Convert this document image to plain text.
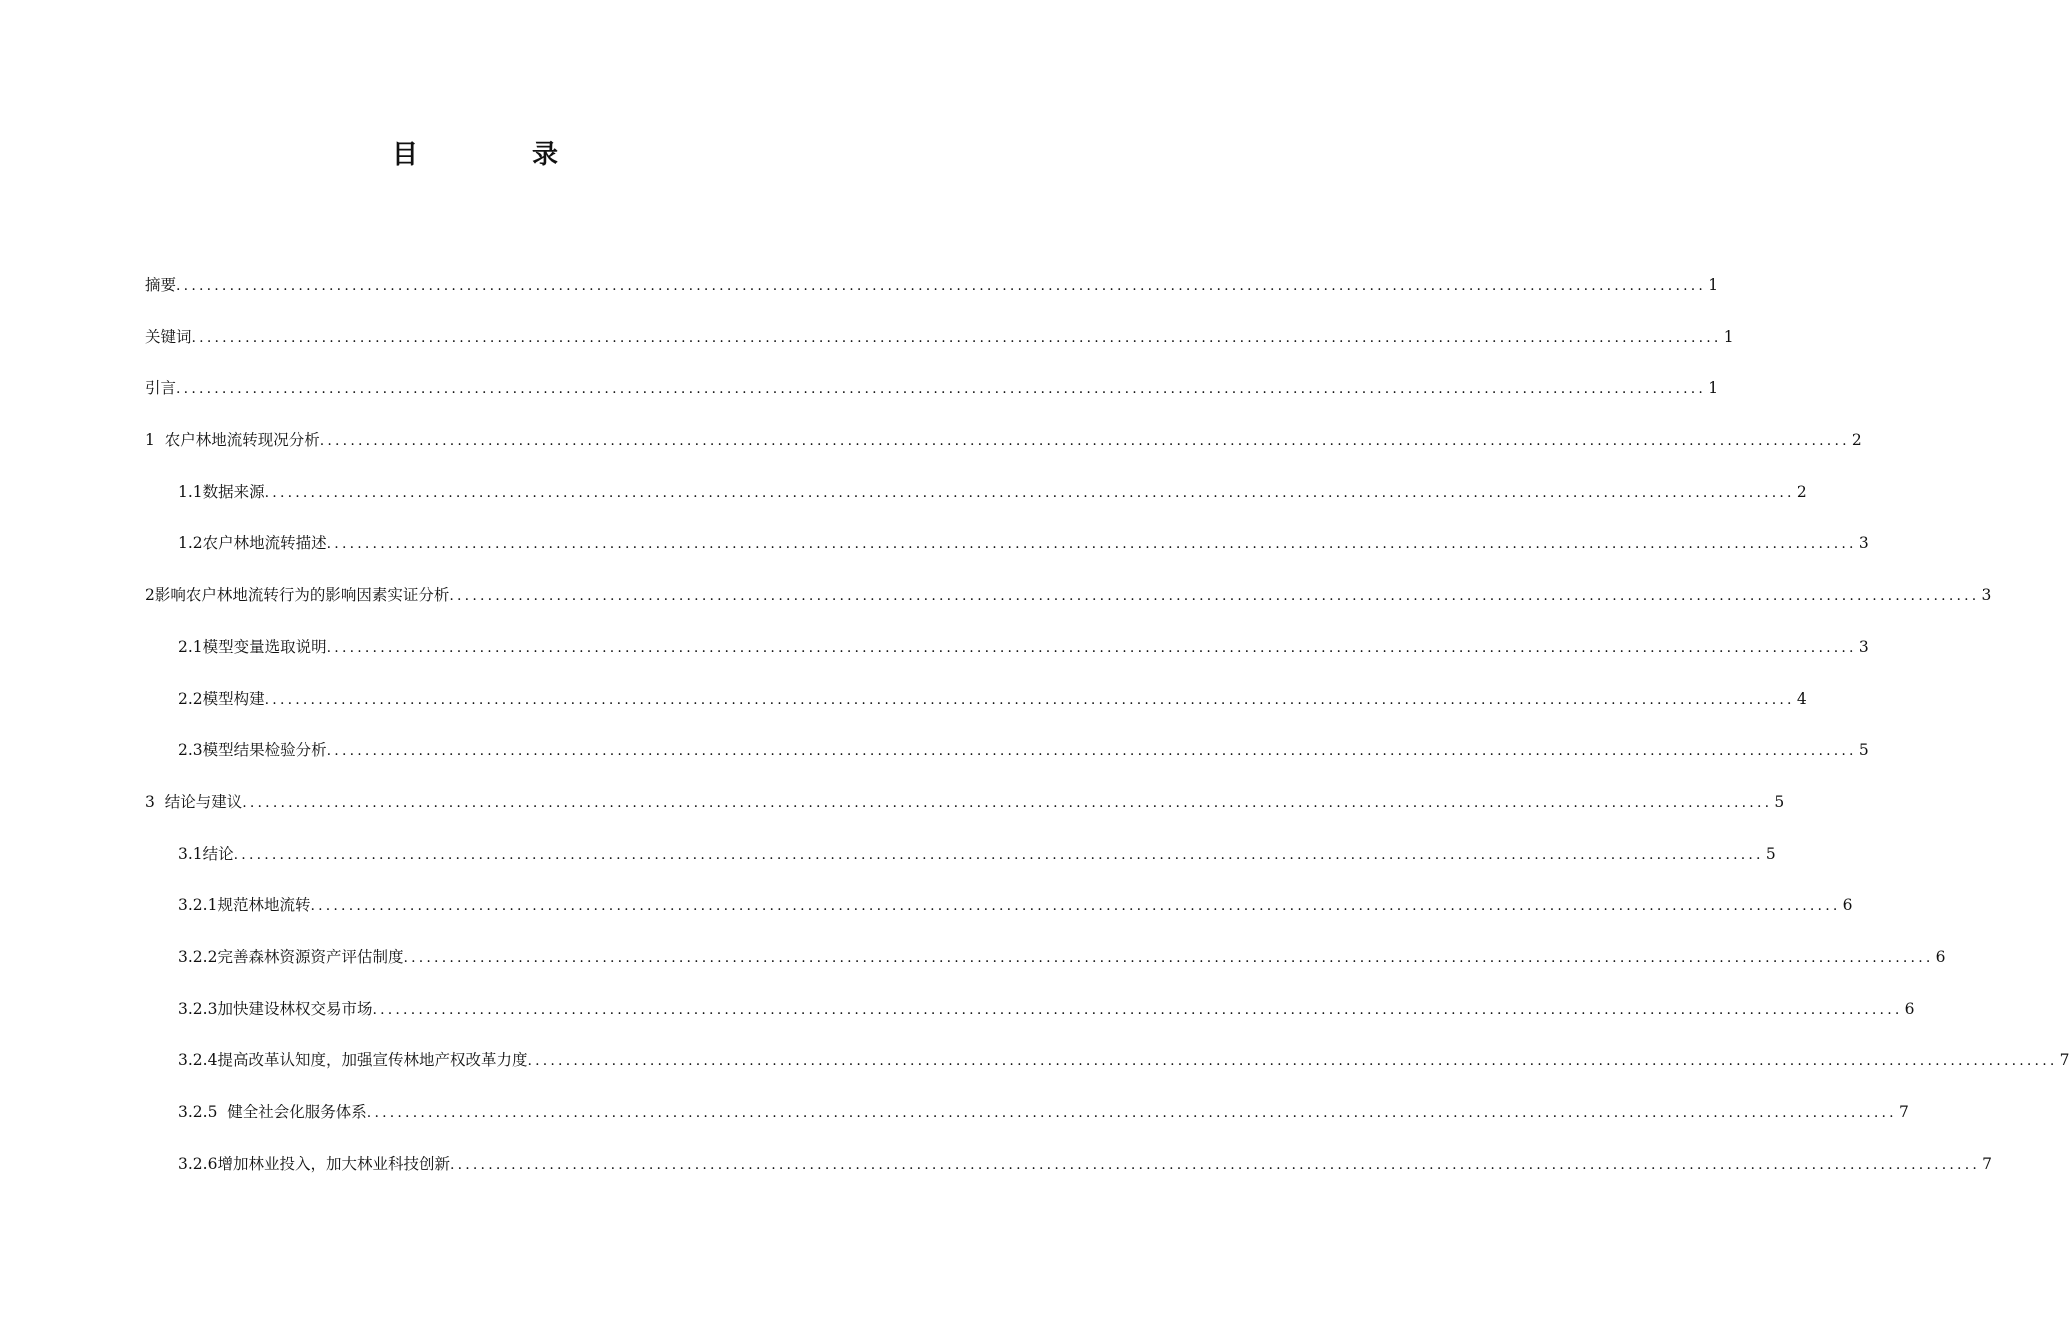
目　录
摘要 ........................................................................................................................................................................................................ 1
关键词 ........................................................................................................................................................................................................ 1
引言 ........................................................................................................................................................................................................ 1
1  农户林地流转现况分析 ........................................................................................................................................................................................................ 2
1.1数据来源 ........................................................................................................................................................................................................ 2
1.2农户林地流转描述 ........................................................................................................................................................................................................ 3
2影响农户林地流转行为的影响因素实证分析 ........................................................................................................................................................................................................ 3
2.1模型变量选取说明 ........................................................................................................................................................................................................ 3
2.2模型构建 ........................................................................................................................................................................................................ 4
2.3模型结果检验分析 ........................................................................................................................................................................................................ 5
3  结论与建议 ........................................................................................................................................................................................................ 5
3.1结论 ........................................................................................................................................................................................................ 5
3.2.1规范林地流转 ........................................................................................................................................................................................................ 6
3.2.2完善森林资源资产评估制度 ........................................................................................................................................................................................................ 6
3.2.3加快建设林权交易市场 ........................................................................................................................................................................................................ 6
3.2.4提高改革认知度，加强宣传林地产权改革力度 ........................................................................................................................................................................................................ 7
3.2.5  健全社会化服务体系 ........................................................................................................................................................................................................ 7
3.2.6增加林业投入，加大林业科技创新 ........................................................................................................................................................................................................ 7
